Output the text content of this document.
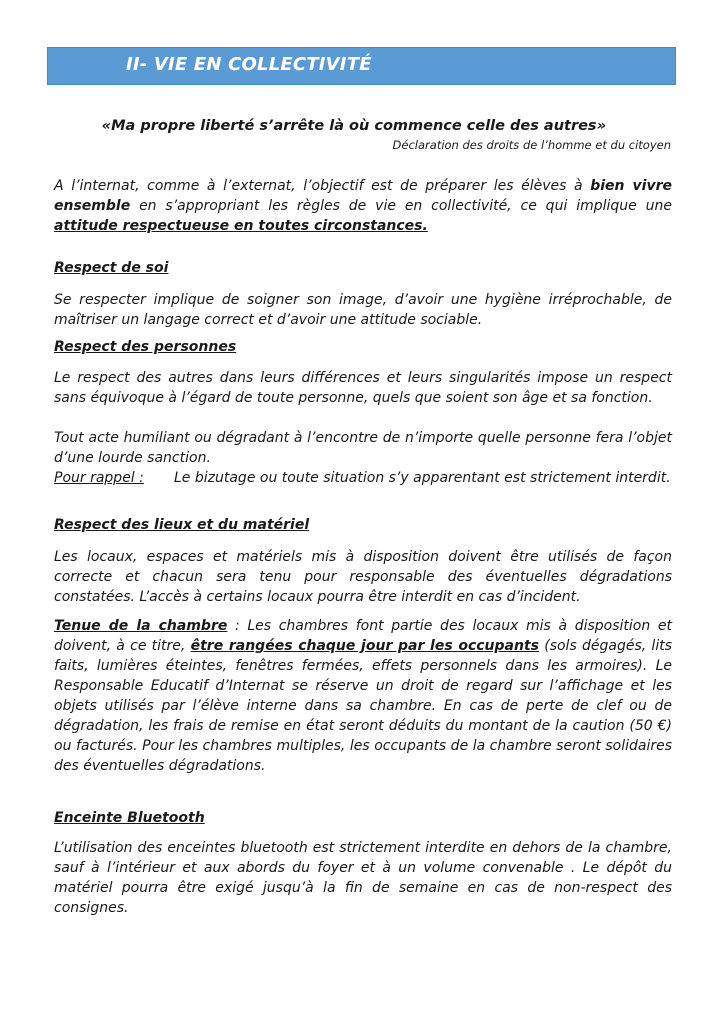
II- VIE EN COLLECTIVITÉ
«Ma propre liberté s’arrête là où commence celle des autres»
Déclaration des droits de l’homme et du citoyen

A l’internat, comme à l’externat, l’objectif est de préparer les élèves à bien vivre ensemble en s’appropriant les règles de vie en collectivité, ce qui implique une attitude respectueuse en toutes circonstances.

Respect de soi

Se respecter implique de soigner son image, d’avoir une hygiène irréprochable, de maîtriser un langage correct et d’avoir une attitude sociable.

Respect des personnes

Le respect des autres dans leurs différences et leurs singularités impose un respect sans équivoque à l’égard de toute personne, quels que soient son âge et sa fonction.

Tout acte humiliant ou dégradant à l’encontre de n’importe quelle personne fera l’objet d’une lourde sanction.

Pour rappel : Le bizutage ou toute situation s’y apparentant est strictement interdit.
Respect des lieux et du matériel

Les locaux, espaces et matériels mis à disposition doivent être utilisés de façon correcte et chacun sera tenu pour responsable des éventuelles dégradations constatées. L’accès à certains locaux pourra être interdit en cas d’incident.

Tenue de la chambre : Les chambres font partie des locaux mis à disposition et doivent, à ce titre, être rangées chaque jour par les occupants (sols dégagés, lits faits, lumières éteintes, fenêtres fermées, effets personnels dans les armoires). Le Responsable Educatif d’Internat se réserve un droit de regard sur l’affichage et les objets utilisés par l’élève interne dans sa chambre. En cas de perte de clef ou de dégradation, les frais de remise en état seront déduits du montant de la caution (50 €) ou facturés. Pour les chambres multiples, les occupants de la chambre seront solidaires des éventuelles dégradations.

Enceinte Bluetooth

L’utilisation des enceintes bluetooth est strictement interdite en dehors de la chambre, sauf à l’intérieur et aux abords du foyer et à un volume convenable . Le dépôt du matériel pourra être exigé jusqu’à la fin de semaine en cas de non-respect des consignes.
